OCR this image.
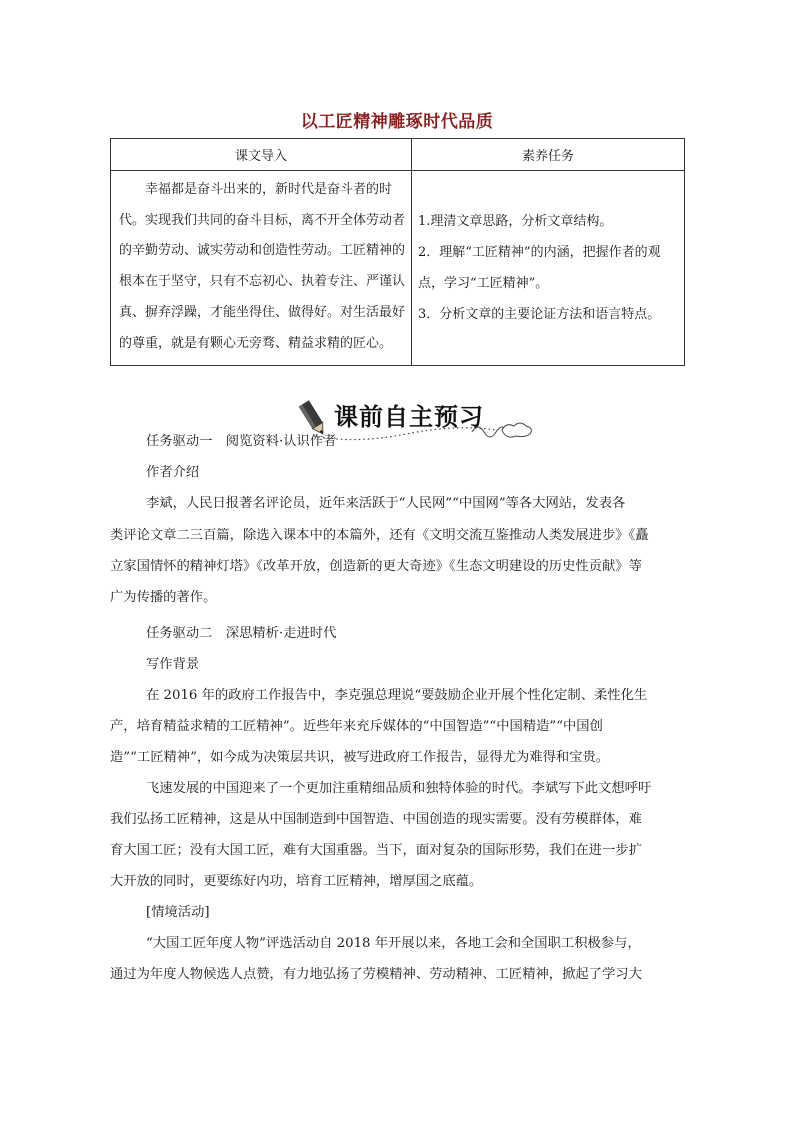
以工匠精神雕琢时代品质
课文导入	素养任务

幸福都是奋斗出来的，新时代是奋斗者的时代。实现我们共同的奋斗目标，离不开全体劳动者的辛勤劳动、诚实劳动和创造性劳动。工匠精神的根本在于坚守，只有不忘初心、执着专注、严谨认真、摒弃浮躁，才能坐得住、做得好。对生活最好的尊重，就是有颗心无旁骛、精益求精的匠心。	1.理清文章思路，分析文章结构。

2．理解“工匠精神”的内涵，把握作者的观点，学习“工匠精神”。

3．分析文章的主要论证方法和语言特点。

课前自主预习
任务驱动一　阅览资料·认识作者
作者介绍
李斌，人民日报著名评论员，近年来活跃于“人民网”“中国网”等各大网站，发表各
类评论文章二三百篇，除选入课本中的本篇外，还有《文明交流互鉴推动人类发展进步》《矗
立家国情怀的精神灯塔》《改革开放，创造新的更大奇迹》《生态文明建设的历史性贡献》等
广为传播的著作。
任务驱动二　深思精析·走进时代
写作背景
在 2016 年的政府工作报告中，李克强总理说“要鼓励企业开展个性化定制、柔性化生
产，培育精益求精的工匠精神”。近些年来充斥媒体的“中国智造”“中国精造”“中国创
造”“工匠精神”，如今成为决策层共识，被写进政府工作报告，显得尤为难得和宝贵。
飞速发展的中国迎来了一个更加注重精细品质和独特体验的时代。李斌写下此文想呼吁
我们弘扬工匠精神，这是从中国制造到中国智造、中国创造的现实需要。没有劳模群体，难
育大国工匠；没有大国工匠，难有大国重器。当下，面对复杂的国际形势，我们在进一步扩
大开放的同时，更要练好内功，培育工匠精神，增厚国之底蕴。
[情境活动]
“大国工匠年度人物”评选活动自 2018 年开展以来，各地工会和全国职工积极参与，
通过为年度人物候选人点赞，有力地弘扬了劳模精神、劳动精神、工匠精神，掀起了学习大
